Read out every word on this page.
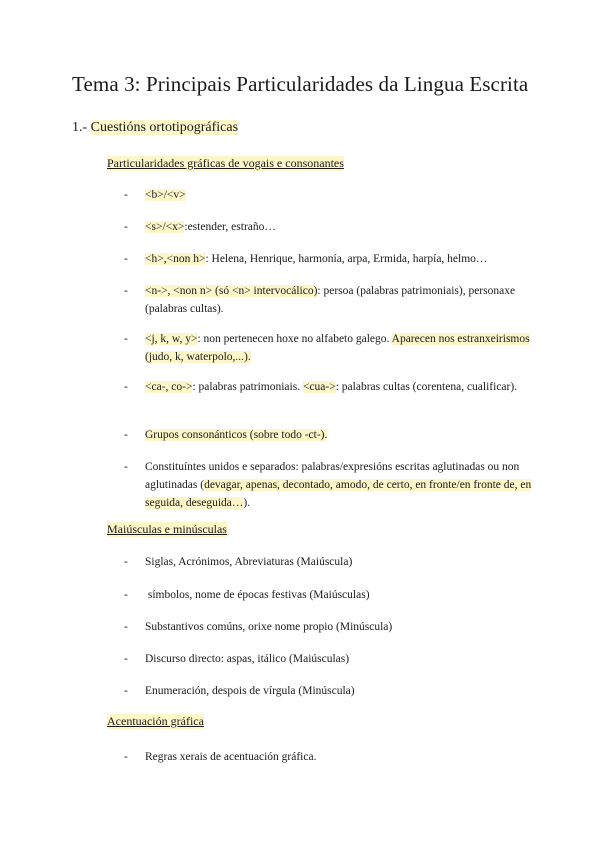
Tema 3: Principais Particularidades da Lingua Escrita
1.- Cuestións ortotipográficas
Particularidades gráficas de vogais e consonantes
- <b>/<v>
- <s>/<x>:estender, estraño…
- <h>,<non h>: Helena, Henrique, harmonía, arpa, Ermida, harpía, helmo…
- <n->, <non n> (só <n> intervocálico): persoa (palabras patrimoniais), personaxe (palabras cultas).
- <j, k, w, y>: non pertenecen hoxe no alfabeto galego. Aparecen nos estranxeirismos (judo, k, waterpolo,...).
- <ca-, co->: palabras patrimoniais. <cua->: palabras cultas (corentena, cualificar).
- Grupos consonánticos (sobre todo -ct-).
- Constituíntes unidos e separados: palabras/expresións escritas aglutinadas ou non aglutinadas (devagar, apenas, decontado, amodo, de certo, en fronte/en fronte de, en seguida, deseguida…).
Maiúsculas e minúsculas
- Siglas, Acrónimos, Abreviaturas (Maiúscula)
- símbolos, nome de épocas festivas (Maiúsculas)
- Substantivos comúns, orixe nome propio (Minúscula)
- Discurso directo: aspas, itálico (Maiúsculas)
- Enumeración, despois de vírgula (Minúscula)
Acentuación gráfica
- Regras xerais de acentuación gráfica.
